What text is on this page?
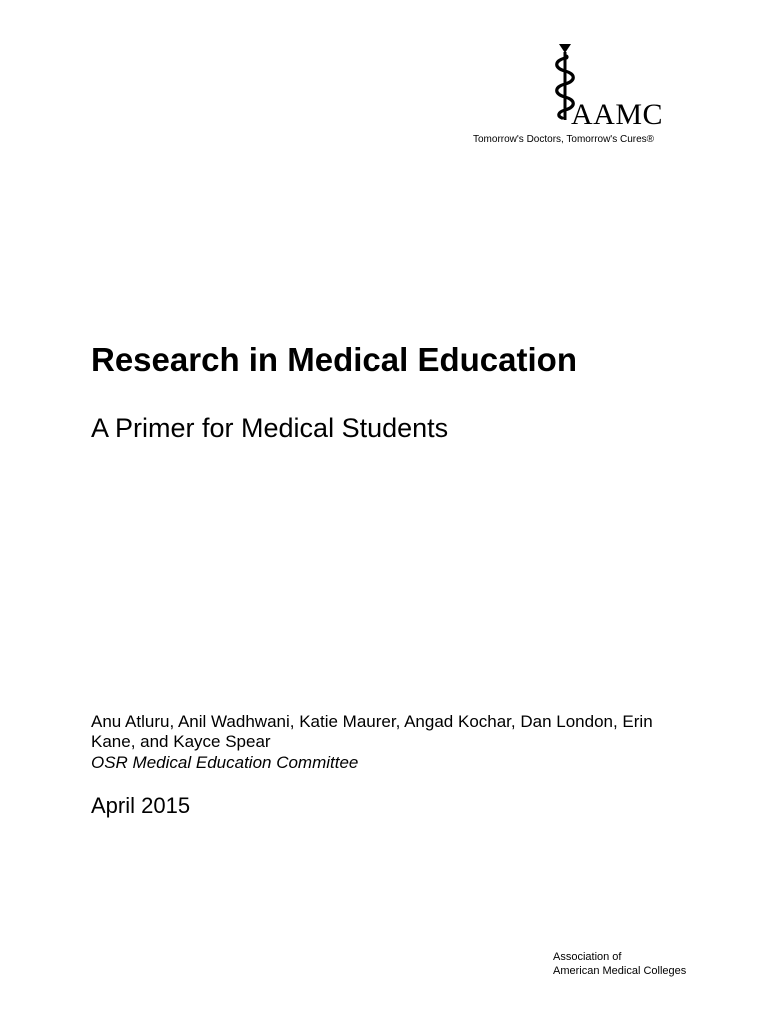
AAMC
Tomorrow's Doctors, Tomorrow's Cures®
Research in Medical Education
A Primer for Medical Students

Anu Atluru, Anil Wadhwani, Katie Maurer, Angad Kochar, Dan London, Erin Kane, and Kayce Spear

OSR Medical Education Committee

April 2015

Association of
American Medical Colleges
